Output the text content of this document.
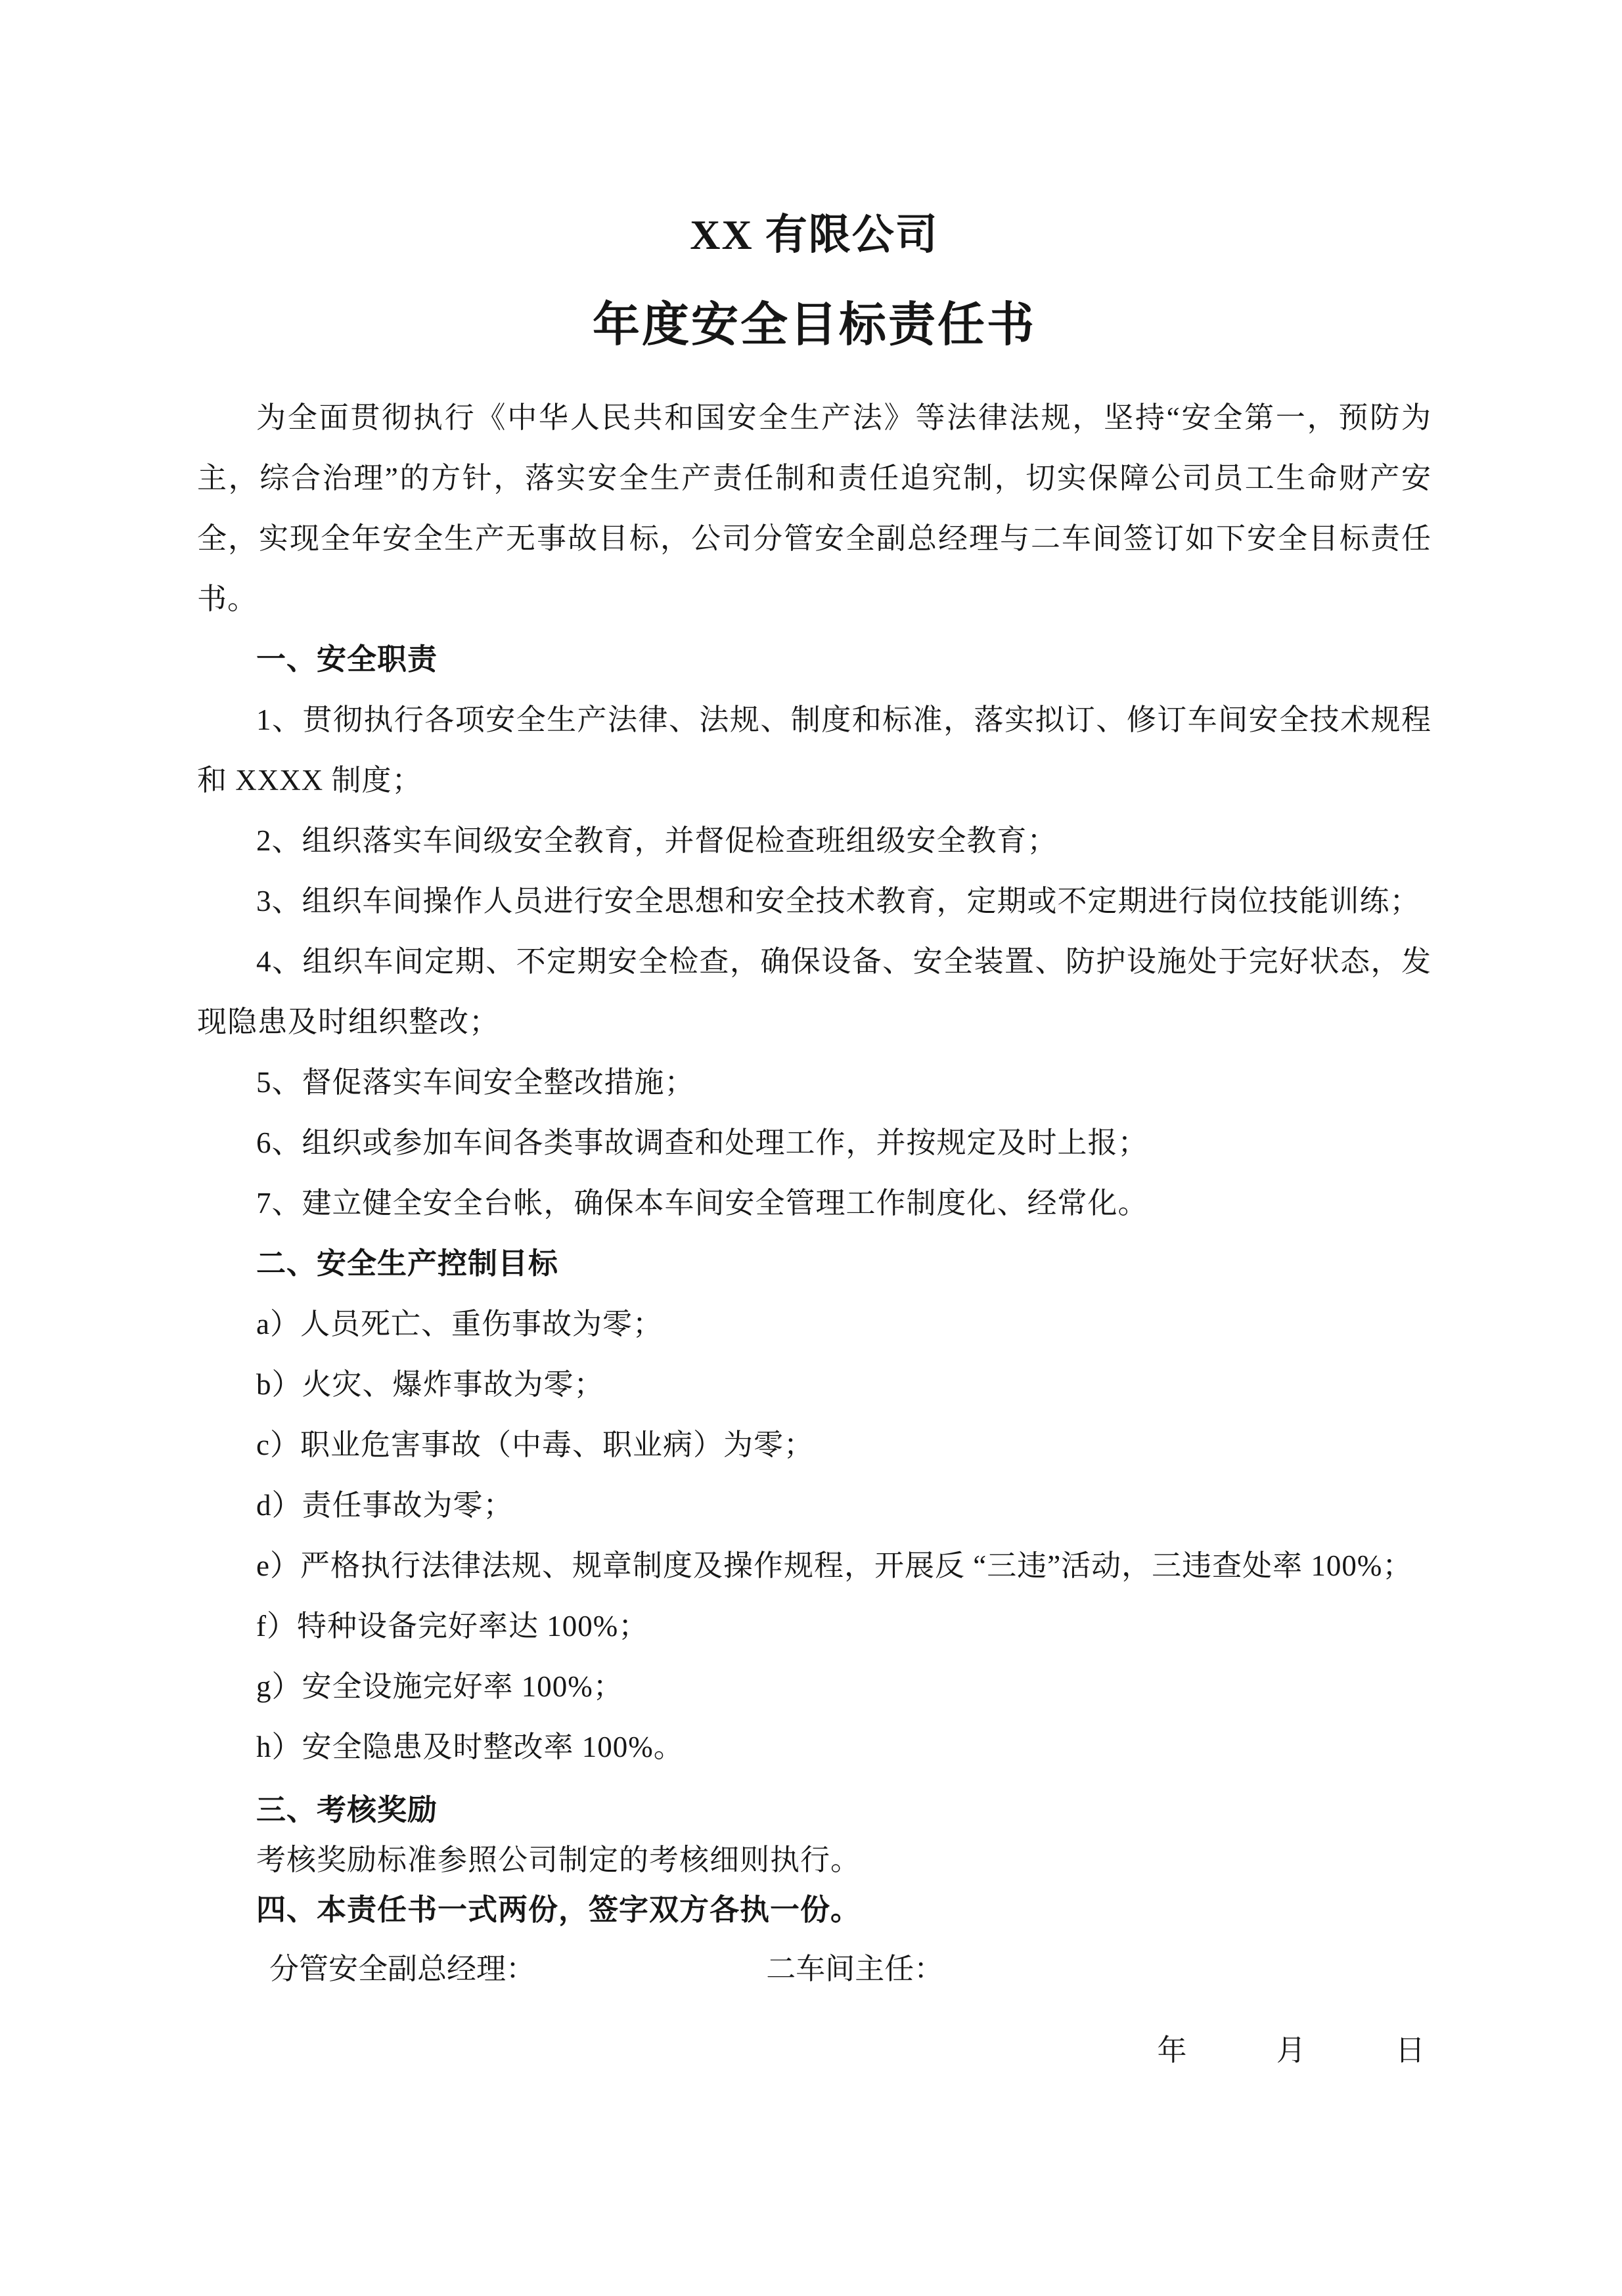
XX 有限公司
年度安全目标责任书

为全面贯彻执行《中华人民共和国安全生产法》等法律法规，坚持“安全第一，预防为主，综合治理”的方针，落实安全生产责任制和责任追究制，切实保障公司员工生命财产安全，实现全年安全生产无事故目标，公司分管安全副总经理与二车间签订如下安全目标责任书。

一、安全职责

1、贯彻执行各项安全生产法律、法规、制度和标准，落实拟订、修订车间安全技术规程和 XXXX 制度；

2、组织落实车间级安全教育，并督促检查班组级安全教育；

3、组织车间操作人员进行安全思想和安全技术教育，定期或不定期进行岗位技能训练；

4、组织车间定期、不定期安全检查，确保设备、安全装置、防护设施处于完好状态，发现隐患及时组织整改；

5、督促落实车间安全整改措施；

6、组织或参加车间各类事故调查和处理工作，并按规定及时上报；

7、建立健全安全台帐，确保本车间安全管理工作制度化、经常化。

二、安全生产控制目标

a）人员死亡、重伤事故为零；

b）火灾、爆炸事故为零；

c）职业危害事故（中毒、职业病）为零；

d）责任事故为零；

e）严格执行法律法规、规章制度及操作规程，开展反 “三违”活动，三违查处率 100%；

f）特种设备完好率达 100%；

g）安全设施完好率 100%；

h）安全隐患及时整改率 100%。

三、考核奖励

考核奖励标准参照公司制定的考核细则执行。

四、本责任书一式两份，签字双方各执一份。

分管安全副总经理：	二车间主任：

年	月	日
